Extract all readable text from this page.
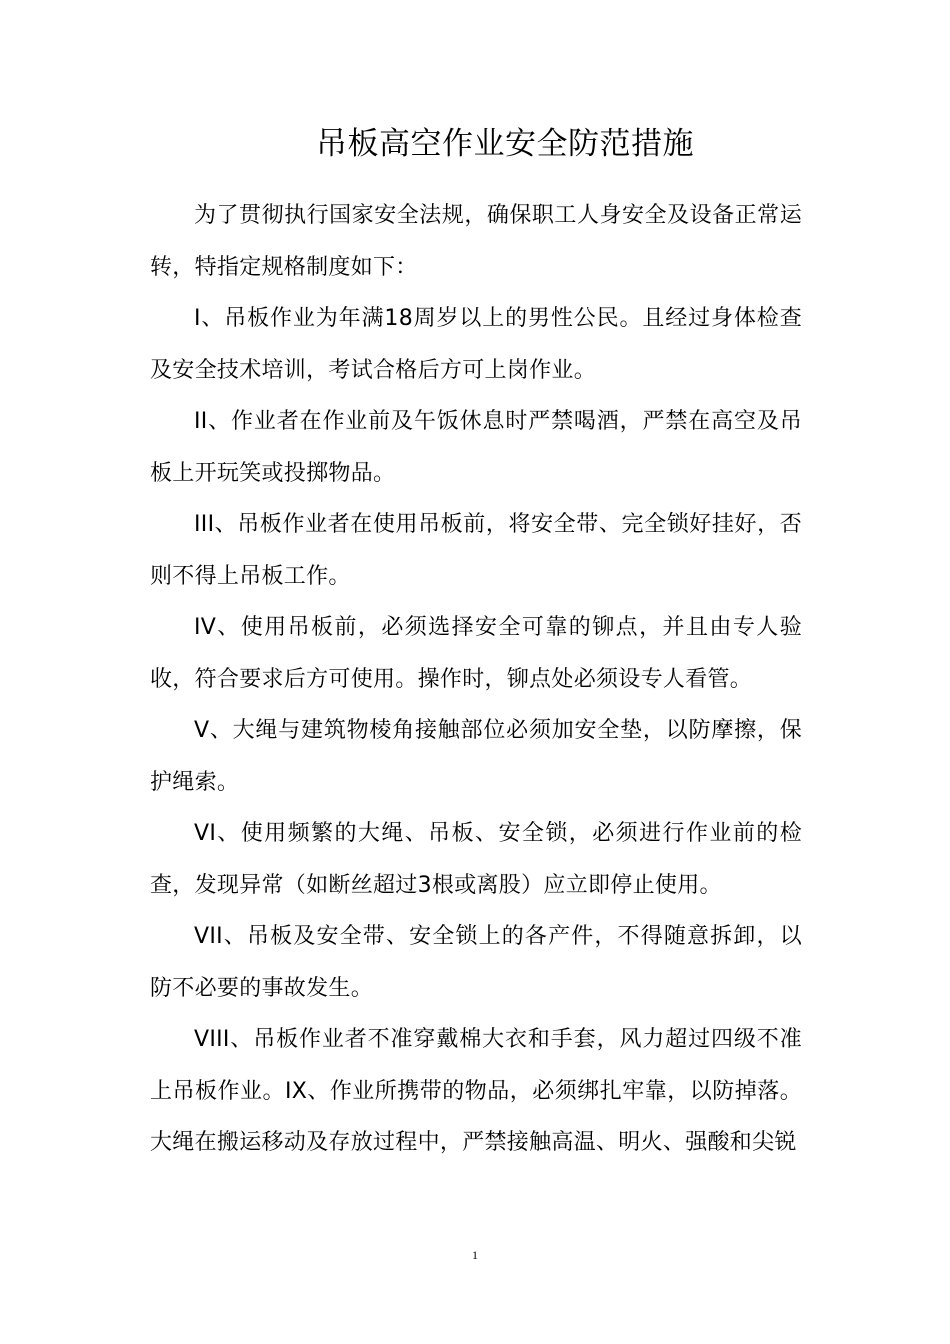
吊板高空作业安全防范措施

为了贯彻执行国家安全法规，确保职工人身安全及设备正常运转，特指定规格制度如下：

I、吊板作业为年满18周岁以上的男性公民。且经过身体检查及安全技术培训，考试合格后方可上岗作业。

II、作业者在作业前及午饭休息时严禁喝酒，严禁在高空及吊板上开玩笑或投掷物品。

III、吊板作业者在使用吊板前，将安全带、完全锁好挂好，否则不得上吊板工作。

IV、使用吊板前，必须选择安全可靠的铆点，并且由专人验收，符合要求后方可使用。操作时，铆点处必须设专人看管。

V、大绳与建筑物棱角接触部位必须加安全垫，以防摩擦，保护绳索。

VI、使用频繁的大绳、吊板、安全锁，必须进行作业前的检查，发现异常（如断丝超过3根或离股）应立即停止使用。

VII、吊板及安全带、安全锁上的各产件，不得随意拆卸，以防不必要的事故发生。

VIII、吊板作业者不准穿戴棉大衣和手套，风力超过四级不准上吊板作业。IX、作业所携带的物品，必须绑扎牢靠，以防掉落。大绳在搬运移动及存放过程中，严禁接触高温、明火、强酸和尖锐

1
